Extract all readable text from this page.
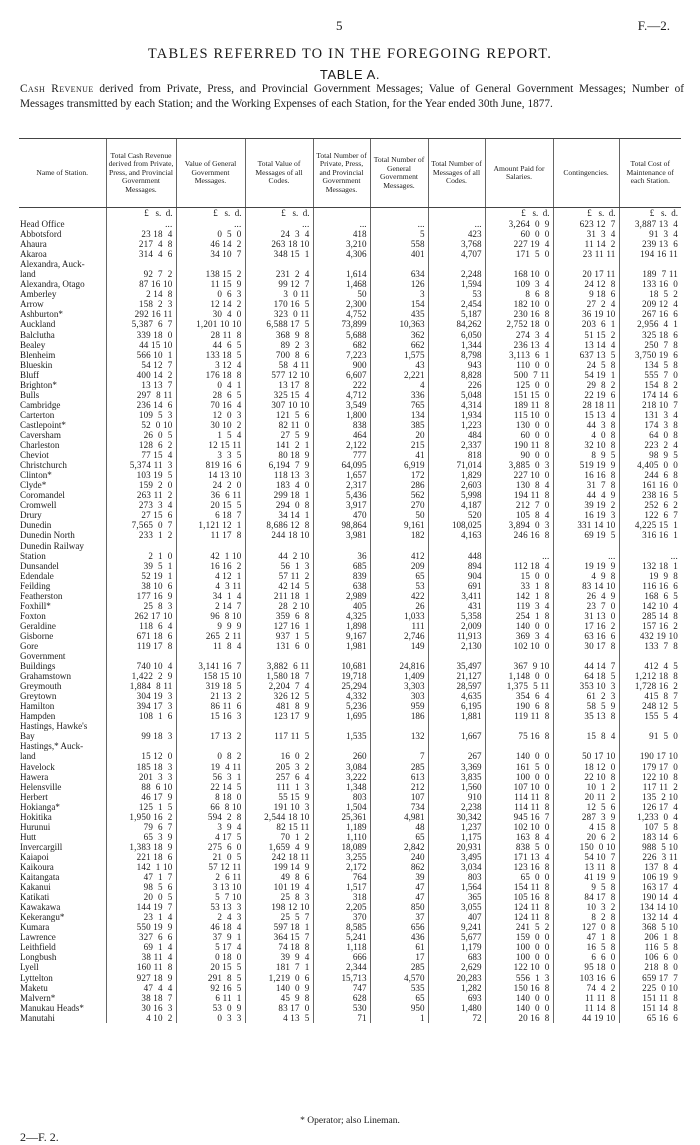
5	F.—2.
TABLES REFERRED TO IN THE FOREGOING REPORT.
TABLE A.
Cash Revenue derived from Private, Press, and Provincial Government Messages; Value of General Government Messages; Number of Messages transmitted by each Station; and the Working Expenses of each Station, for the Year ended 30th June, 1877.
Name of Station.	Total Cash Revenue derived from Private, Press, and Provincial Government Messages.	Value of General Government Messages.	Total Value of Messages of all Codes.	Total Number of Private, Press, and Provincial Government Messages.	Total Number of General Government Messages.	Total Number of Messages of all Codes.	Amount Paid for Salaries.	Contingencies.	Total Cost of Maintenance of each Station.
	£   s.  d.	£   s.  d.	£   s.  d.				£   s.  d.	£   s.  d.	£   s.  d.
Head Office	...	...	...	...	...	...	3,264  0  9	623 12  7	3,887 13  4
Abbotsford	23 18  4	0  5  0	24  3  4	418	5	423	60  0  0	31  3  4	91  3  4
Ahaura	217  4  8	46 14  2	263 18 10	3,210	558	3,768	227 19  4	11 14  2	239 13  6
Akaroa	314  4  6	34 10  7	348 15  1	4,306	401	4,707	171  5  0	23 11 11	194 16 11
Alexandra, Auck-									
land	92  7  2	138 15  2	231  2  4	1,614	634	2,248	168 10  0	20 17 11	189  7 11
Alexandra, Otago	87 16 10	11 15  9	99 12  7	1,468	126	1,594	109  3  4	24 12  8	133 16  0
Amberley	2 14  8	0  6  3	3  0 11	50	3	53	8  6  8	9 18  6	18  5  2
Arrow	158  2  3	12 14  2	170 16  5	2,300	154	2,454	182 10  0	27  2  4	209 12  4
Ashburton*	292 16 11	30  4  0	323  0 11	4,752	435	5,187	230 16  8	36 19 10	267 16  6
Auckland	5,387  6  7	1,201 10 10	6,588 17  5	73,899	10,363	84,262	2,752 18  0	203  6  1	2,956  4  1
Balclutha	339 18  0	28 11  8	368  9  8	5,688	362	6,050	274  3  4	51 15  2	325 18  6
Bealey	44 15 10	44  6  5	89  2  3	682	662	1,344	236 13  4	13 14  4	250  7  8
Blenheim	566 10  1	133 18  5	700  8  6	7,223	1,575	8,798	3,113  6  1	637 13  5	3,750 19  6
Blueskin	54 12  7	3 12  4	58  4 11	900	43	943	110  0  0	24  5  8	134  5  8
Bluff	400 14  2	176 18  8	577 12 10	6,607	2,221	8,828	500  7 11	54 19  1	555  7  0
Brighton*	13 13  7	0  4  1	13 17  8	222	4	226	125  0  0	29  8  2	154  8  2
Bulls	297  8 11	28  6  5	325 15  4	4,712	336	5,048	151 15  0	22 19  6	174 14  6
Cambridge	236 14  6	70 16  4	307 10 10	3,549	765	4,314	189 11  8	28 18 11	218 10  7
Carterton	109  5  3	12  0  3	121  5  6	1,800	134	1,934	115 10  0	15 13  4	131  3  4
Castlepoint*	52  0 10	30 10  2	82 11  0	838	385	1,223	130  0  0	44  3  8	174  3  8
Caversham	26  0  5	1  5  4	27  5  9	464	20	484	60  0  0	4  0  8	64  0  8
Charleston	128  6  2	12 15 11	141  2  1	2,122	215	2,337	190 11  8	32 10  8	223  2  4
Cheviot	77 15  4	3  3  5	80 18  9	777	41	818	90  0  0	8  9  5	98  9  5
Christchurch	5,374 11  3	819 16  6	6,194  7  9	64,095	6,919	71,014	3,885  0  3	519 19  9	4,405  0  0
Clinton*	103 19  5	14 13 10	118 13  3	1,657	172	1,829	227 10  0	16 16  8	244  6  8
Clyde*	159  2  0	24  2  0	183  4  0	2,317	286	2,603	130  8  4	31  7  8	161 16  0
Coromandel	263 11  2	36  6 11	299 18  1	5,436	562	5,998	194 11  8	44  4  9	238 16  5
Cromwell	273  3  4	20 15  5	294  0  8	3,917	270	4,187	212  7  0	39 19  2	252  6  2
Drury	27 15  6	6 18  7	34 14  1	470	50	520	105  8  4	16 19  3	122  6  7
Dunedin	7,565  0  7	1,121 12  1	8,686 12  8	98,864	9,161	108,025	3,894  0  3	331 14 10	4,225 15  1
Dunedin North	233  1  2	11 17  8	244 18 10	3,981	182	4,163	246 16  8	69 19  5	316 16  1
Dunedin Railway									
Station	2  1  0	42  1 10	44  2 10	36	412	448	...	...	...
Dunsandel	39  5  1	16 16  2	56  1  3	685	209	894	112 18  4	19 19  9	132 18  1
Edendale	52 19  1	4 12  1	57 11  2	839	65	904	15  0  0	4  9  8	19  9  8
Feilding	38 10  6	4  3 11	42 14  5	638	53	691	33  1  8	83 14 10	116 16  6
Featherston	177 16  9	34  1  4	211 18  1	2,989	422	3,411	142  1  8	26  4  9	168  6  5
Foxhill*	25  8  3	2 14  7	28  2 10	405	26	431	119  3  4	23  7  0	142 10  4
Foxton	262 17 10	96  8 10	359  6  8	4,325	1,033	5,358	254  1  8	31 13  0	285 14  8
Geraldine	118  6  4	9  9  9	127 16  1	1,898	111	2,009	140  0  0	17 16  2	157 16  2
Gisborne	671 18  6	265  2 11	937  1  5	9,167	2,746	11,913	369  3  4	63 16  6	432 19 10
Gore	119 17  8	11  8  4	131  6  0	1,981	149	2,130	102 10  0	30 17  8	133  7  8
Government									
Buildings	740 10  4	3,141 16  7	3,882  6 11	10,681	24,816	35,497	367  9 10	44 14  7	412  4  5
Grahamstown	1,422  2  9	158 15 10	1,580 18  7	19,718	1,409	21,127	1,148  0  0	64 18  5	1,212 18  8
Greymouth	1,884  8 11	319 18  5	2,204  7  4	25,294	3,303	28,597	1,375  5 11	353 10  3	1,728 16  2
Greytown	304 19  3	21 13  2	326 12  5	4,332	303	4,635	354  6  4	61  2  3	415  8  7
Hamilton	394 17  3	86 11  6	481  8  9	5,236	959	6,195	190  6  8	58  5  9	248 12  5
Hampden	108  1  6	15 16  3	123 17  9	1,695	186	1,881	119 11  8	35 13  8	155  5  4
Hastings, Hawke's									
Bay	99 18  3	17 13  2	117 11  5	1,535	132	1,667	75 16  8	15  8  4	91  5  0
Hastings,* Auck-									
land	15 12  0	0  8  2	16  0  2	260	7	267	140  0  0	50 17 10	190 17 10
Havelock	185 18  3	19  4 11	205  3  2	3,084	285	3,369	161  5  0	18 12  0	179 17  0
Hawera	201  3  3	56  3  1	257  6  4	3,222	613	3,835	100  0  0	22 10  8	122 10  8
Helensville	88  6 10	22 14  5	111  1  3	1,348	212	1,560	107 10  0	10  1  2	117 11  2
Herbert	46 17  9	8 18  0	55 15  9	803	107	910	114 11  8	20 11  2	135  2 10
Hokianga*	125  1  5	66  8 10	191 10  3	1,504	734	2,238	114 11  8	12  5  6	126 17  4
Hokitika	1,950 16  2	594  2  8	2,544 18 10	25,361	4,981	30,342	945 16  7	287  3  9	1,233  0  4
Hurunui	79  6  7	3  9  4	82 15 11	1,189	48	1,237	102 10  0	4 15  8	107  5  8
Hutt	65  3  9	4 17  5	70  1  2	1,110	65	1,175	163  8  4	20  6  2	183 14  6
Invercargill	1,383 18  9	275  6  0	1,659  4  9	18,089	2,842	20,931	838  5  0	150  0 10	988  5 10
Kaiapoi	221 18  6	21  0  5	242 18 11	3,255	240	3,495	171 13  4	54 10  7	226  3 11
Kaikoura	142  1 10	57 12 11	199 14  9	2,172	862	3,034	123 16  8	13 11  8	137  8  4
Kaitangata	47  1  7	2  6 11	49  8  6	764	39	803	65  0  0	41 19  9	106 19  9
Kakanui	98  5  6	3 13 10	101 19  4	1,517	47	1,564	154 11  8	9  5  8	163 17  4
Katikati	20  0  5	5  7 10	25  8  3	318	47	365	105 16  8	84 17  8	190 14  4
Kawakawa	144 19  7	53 13  3	198 12 10	2,205	850	3,055	124 11  8	10  3  2	134 14 10
Kekerangu*	23  1  4	2  4  3	25  5  7	370	37	407	124 11  8	8  2  8	132 14  4
Kumara	550 19  9	46 18  4	597 18  1	8,585	656	9,241	241  5  2	127  0  8	368  5 10
Lawrence	327  6  6	37  9  1	364 15  7	5,241	436	5,677	159  0  0	47  1  8	206  1  8
Leithfield	69  1  4	5 17  4	74 18  8	1,118	61	1,179	100  0  0	16  5  8	116  5  8
Longbush	38 11  4	0 18  0	39  9  4	666	17	683	100  0  0	6  6  0	106  6  0
Lyell	160 11  8	20 15  5	181  7  1	2,344	285	2,629	122 10  0	95 18  0	218  8  0
Lyttelton	927 18  9	291  8  5	1,219  0  6	15,713	4,570	20,283	556  1  3	103 16  6	659 17  7
Maketu	47  4  4	92 16  5	140  0  9	747	535	1,282	150 16  8	74  4  2	225  0 10
Malvern*	38 18  7	6 11  1	45  9  8	628	65	693	140  0  0	11 11  8	151 11  8
Manukau Heads*	30 16  3	53  0  9	83 17  0	530	950	1,480	140  0  0	11 14  8	151 14  8
Manutahi	4 10  2	0  3  3	4 13  5	71	1	72	20 16  8	44 19 10	65 16  6
* Operator; also Lineman.
2—F. 2.
